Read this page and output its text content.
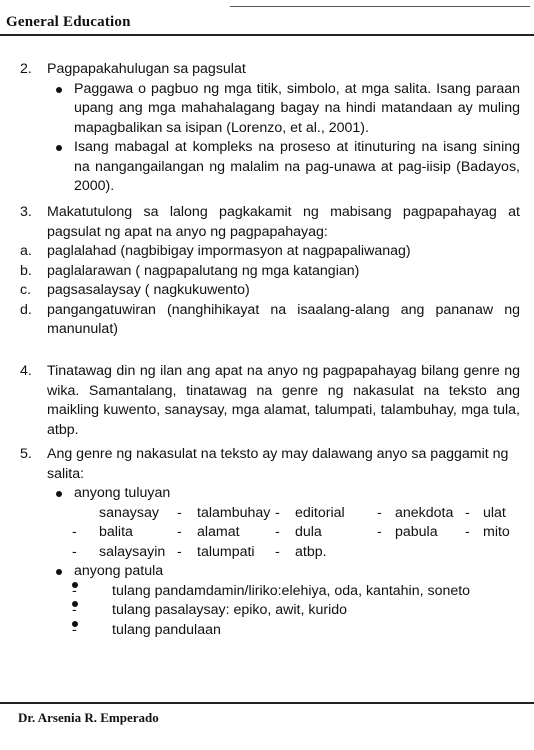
General Education
2. Pagpapakahulugan sa pagsulat
Paggawa o pagbuo ng mga titik, simbolo, at mga salita. Isang paraan upang ang mga mahahalagang bagay na hindi matandaan ay muling mapagbalikan sa isipan (Lorenzo, et al., 2001).
Isang mabagal at kompleks na proseso at itinuturing na isang sining na nangangailangan ng malalim na pag-unawa at pag-iisip (Badayos, 2000).
3. Makatutulong sa lalong pagkakamit ng mabisang pagpapahayag at pagsulat ng apat na anyo ng pagpapahayag:
a. paglalahad (nagbibigay impormasyon at nagpapaliwanag)
b. paglalarawan ( nagpapalutang ng mga katangian)
c. pagsasalaysay ( nagkukuwento)
d. pangangatuwiran (nanghihikayat na isaalang-alang ang pananaw ng manunulat)
4. Tinatawag din ng ilan ang apat na anyo ng pagpapahayag bilang genre ng wika. Samantalang, tinatawag na genre ng nakasulat na teksto ang maikling kuwento, sanaysay, mga alamat, talumpati, talambuhay, mga tula, atbp.
5. Ang genre ng nakasulat na teksto ay may dalawang anyo sa paggamit ng salita:
anyong tuluyan
sanaysay	-	talambuhay -	editorial	- anekdota - ulat
-	balita	-	alamat	-	dula	- pabula	- mito
-	salaysayin -	talumpati	-	atbp.
anyong patula
- tulang pandamdamin/liriko:elehiya, oda, kantahin, soneto
- tulang pasalaysay: epiko, awit, kurido
- tulang pandulaan
Dr. Arsenia R. Emperado
